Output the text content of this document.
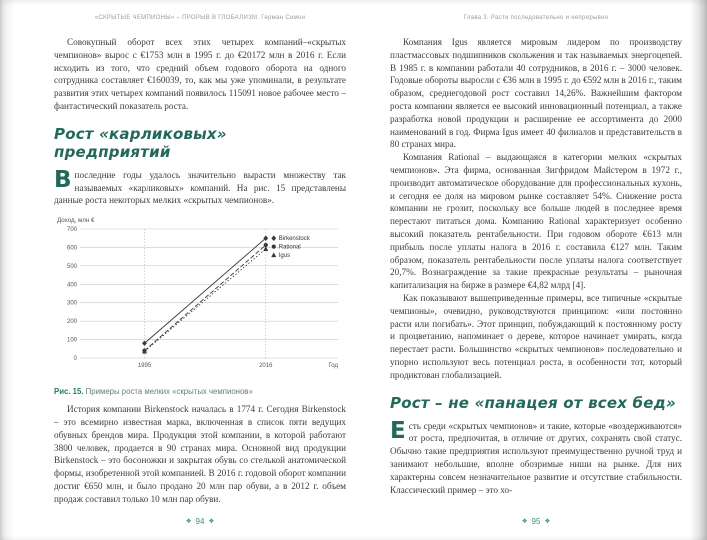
«СКРЫТЫЕ ЧЕМПИОНЫ» – ПРОРЫВ В ГЛОБАЛИЗМ. Герман Симон

Совокупный оборот всех этих четырех компаний–«скрытых чемпионов» вырос с €1753 млн в 1995 г. до €20172 млн в 2016 г. Если исходить из того, что средний объем годового оборота на одного сотрудника составляет €160039, то, как мы уже упоминали, в результате развития этих четырех компаний появилось 115091 новое рабочее место – фантастический показатель роста.

Рост «карликовых» предприятий

Впоследние годы удалось значительно вырасти множеству так называемых «карликовых» компаний. На рис. 15 представлены данные роста некоторых мелких «скрытых чемпионов».

0
100
200
300
400
500
600
700
1995	2016
Доход, млн €
Год
Birkenstock
Rational
Igus
Рис. 15. Примеры роста мелких «скрытых чемпионов»

История компании Birkenstock началась в 1774 г. Сегодня Birkenstock – это всемирно известная марка, включенная в список пяти ведущих обувных брендов мира. Продукция этой компании, в которой работают 3800 человек, продается в 90 странах мира. Основной вид продукции Birkenstock – это босоножки и закрытая обувь со стелькой анатомической формы, изобретенной этой компанией. В 2016 г. годовой оборот компании достиг €650 млн, и было продано 20 млн пар обуви, а в 2012 г. объем продаж составил только 10 млн пар обуви.

❖ 94 ❖
Глава 3. Расти последовательно и непрерывно

Компания Igus является мировым лидером по производству пластмассовых подшипников скольжения и так называемых энергоцепей. В 1985 г. в компании работали 40 сотрудников, в 2016 г. – 3000 человек. Годовые обороты выросли с €36 млн в 1995 г. до €592 млн в 2016 г., таким образом, среднегодовой рост составил 14,26%. Важнейшим фактором роста компании является ее высокий инновационный потенциал, а также разработка новой продукции и расширение ее ассортимента до 2000 наименований в год. Фирма Igus имеет 40 филиалов и представительств в 80 странах мира.

Компания Rational – выдающаяся в категории мелких «скрытых чемпионов». Эта фирма, основанная Зигфридом Майстером в 1972 г., производит автоматическое оборудование для профессиональных кухонь, и сегодня ее доля на мировом рынке составляет 54%. Снижение роста компании не грозит, поскольку все больше людей в последнее время перестают питаться дома. Компанию Rational характеризует особенно высокий показатель рентабельности. При годовом обороте €613 млн прибыль после уплаты налога в 2016 г. составила €127 млн. Таким образом, показатель рентабельности после уплаты налога соответствует 20,7%. Вознаграждение за такие прекрасные результаты – рыночная капитализация на бирже в размере €4,82 млрд [4].

Как показывают вышеприведенные примеры, все типичные «скрытые чемпионы», очевидно, руководствуются принципом: «или постоянно расти или погибать». Этот принцип, побуждающий к постоянному росту и процветанию, напоминает о дереве, которое начинает умирать, когда перестает расти. Большинство «скрытых чемпионов» последовательно и упорно используют весь потенциал роста, в особенности тот, который продиктован глобализацией.

Рост – не «панацея от всех бед»

Есть среди «скрытых чемпионов» и такие, которые «воздерживаются» от роста, предпочитая, в отличие от других, сохранять свой статус. Обычно такие предприятия используют преимущественно ручной труд и занимают небольшие, вполне обозримые ниши на рынке. Для них характерны совсем незначительное развитие и отсутствие стабильности. Классический пример – это хо-

❖ 95 ❖
